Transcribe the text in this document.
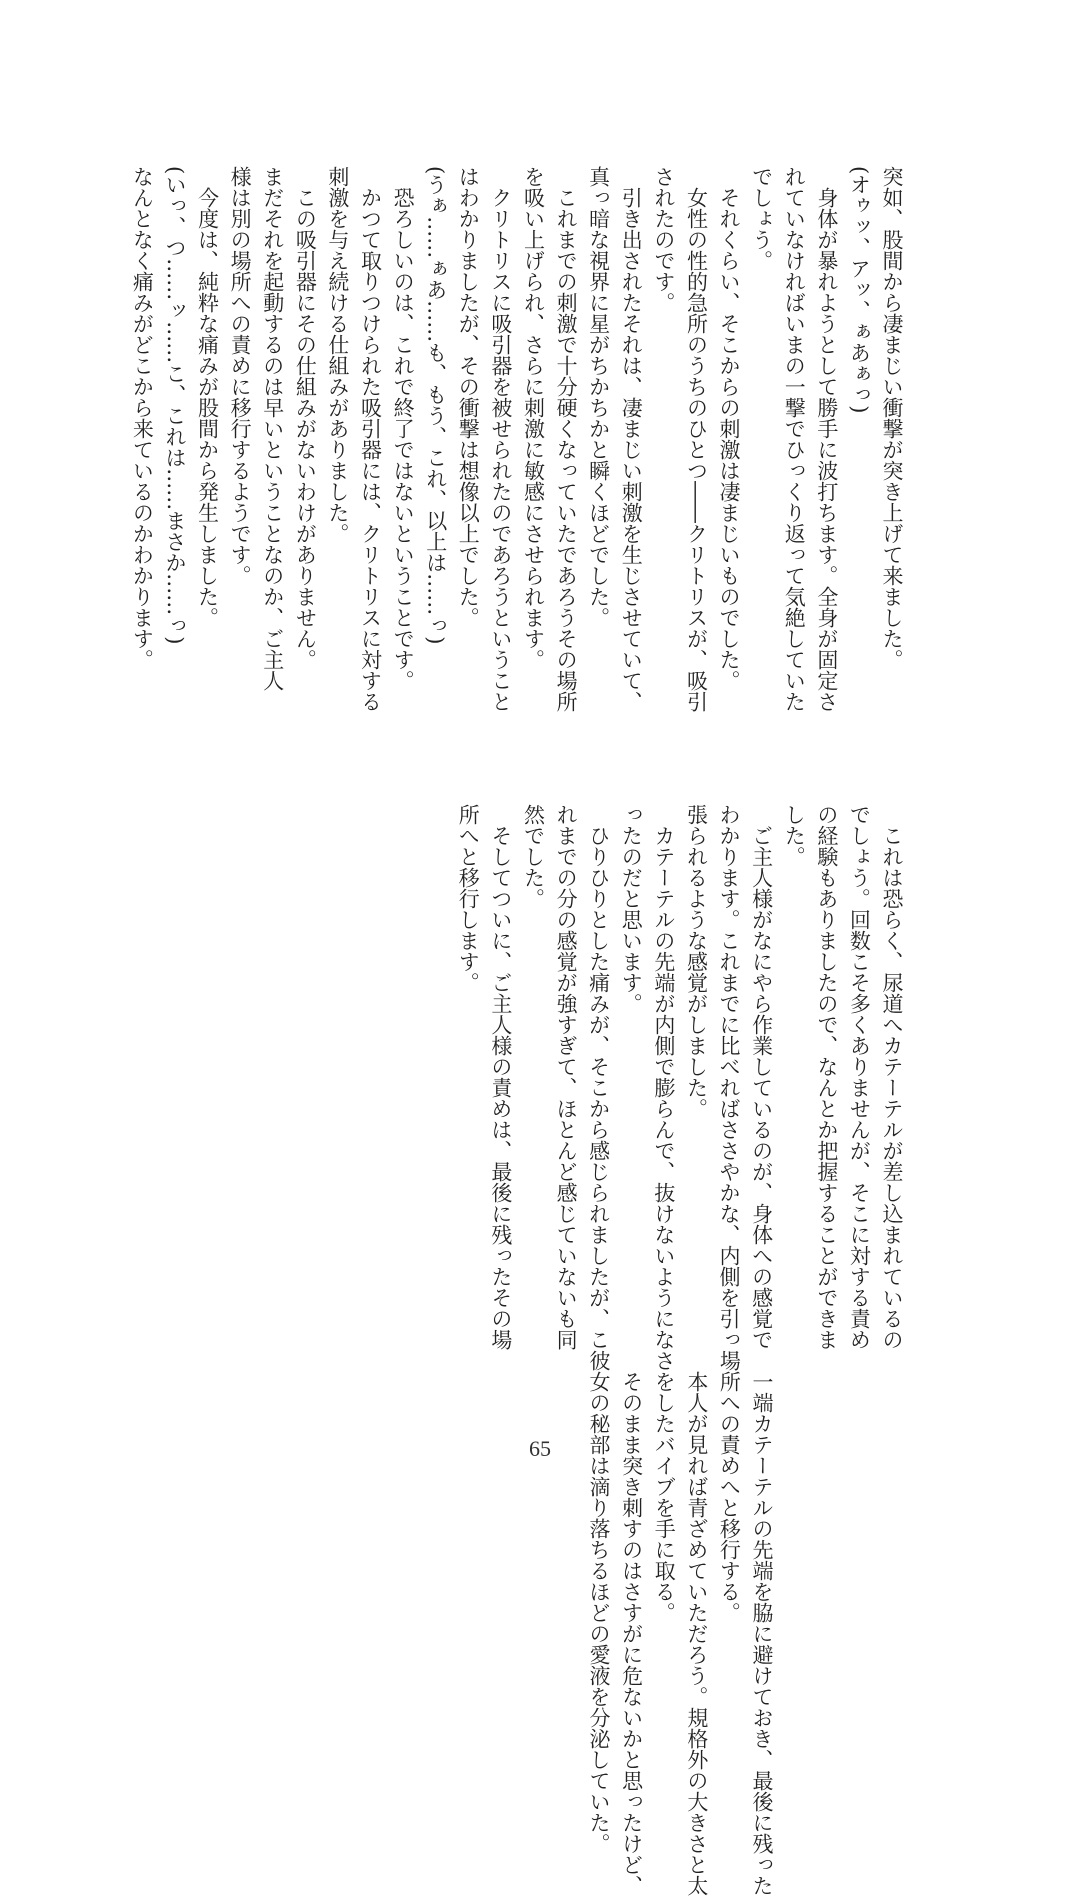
突如、股間から凄まじい衝撃が突き上げて来ました。
(オゥッ、アッ、ぁあぁっ)
　身体が暴れようとして勝手に波打ちます。全身が固定さ
れていなければいまの一撃でひっくり返って気絶していた
でしょう。
　それくらい、そこからの刺激は凄まじいものでした。
　女性の性的急所のうちのひとつ――クリトリスが、吸引
されたのです。
　引き出されたそれは、凄まじい刺激を生じさせていて、
真っ暗な視界に星がちかちかと瞬くほどでした。
　これまでの刺激で十分硬くなっていたであろうその場所
を吸い上げられ、さらに刺激に敏感にさせられます。
　クリトリスに吸引器を被せられたのであろうということ
はわかりましたが、その衝撃は想像以上でした。
(うぁ……ぁあ……も、もう、これ、以上は……っ)
　恐ろしいのは、これで終了ではないということです。
　かつて取りつけられた吸引器には、クリトリスに対する
刺激を与え続ける仕組みがありました。
　この吸引器にその仕組みがないわけがありません。
まだそれを起動するのは早いということなのか、ご主人
様は別の場所への責めに移行するようです。
　今度は、純粋な痛みが股間から発生しました。
(いっ、つ……ッ……こ、これは……まさか……っ)
なんとなく痛みがどこから来ているのかわかります。
　これは恐らく、尿道へカテーテルが差し込まれているの
でしょう。回数こそ多くありませんが、そこに対する責め
の経験もありましたので、なんとか把握することができま
した。
　ご主人様がなにやら作業しているのが、身体への感覚で
わかります。これまでに比べればささやかな、内側を引っ
張られるような感覚がしました。
　カテーテルの先端が内側で膨らんで、抜けないようにな
ったのだと思います。
　ひりひりとした痛みが、そこから感じられましたが、こ
れまでの分の感覚が強すぎて、ほとんど感じていないも同
然でした。
　そしてついに、ご主人様の責めは、最後に残ったその場
所へと移行します。
　一端カテーテルの先端を脇に避けておき、最後に残った
場所への責めへと移行する。
　本人が見れば青ざめていただろう。規格外の大きさと太
さをしたバイブを手に取る。
　そのまま突き刺すのはさすがに危ないかと思ったけど、
彼女の秘部は滴り落ちるほどの愛液を分泌していた。
65
